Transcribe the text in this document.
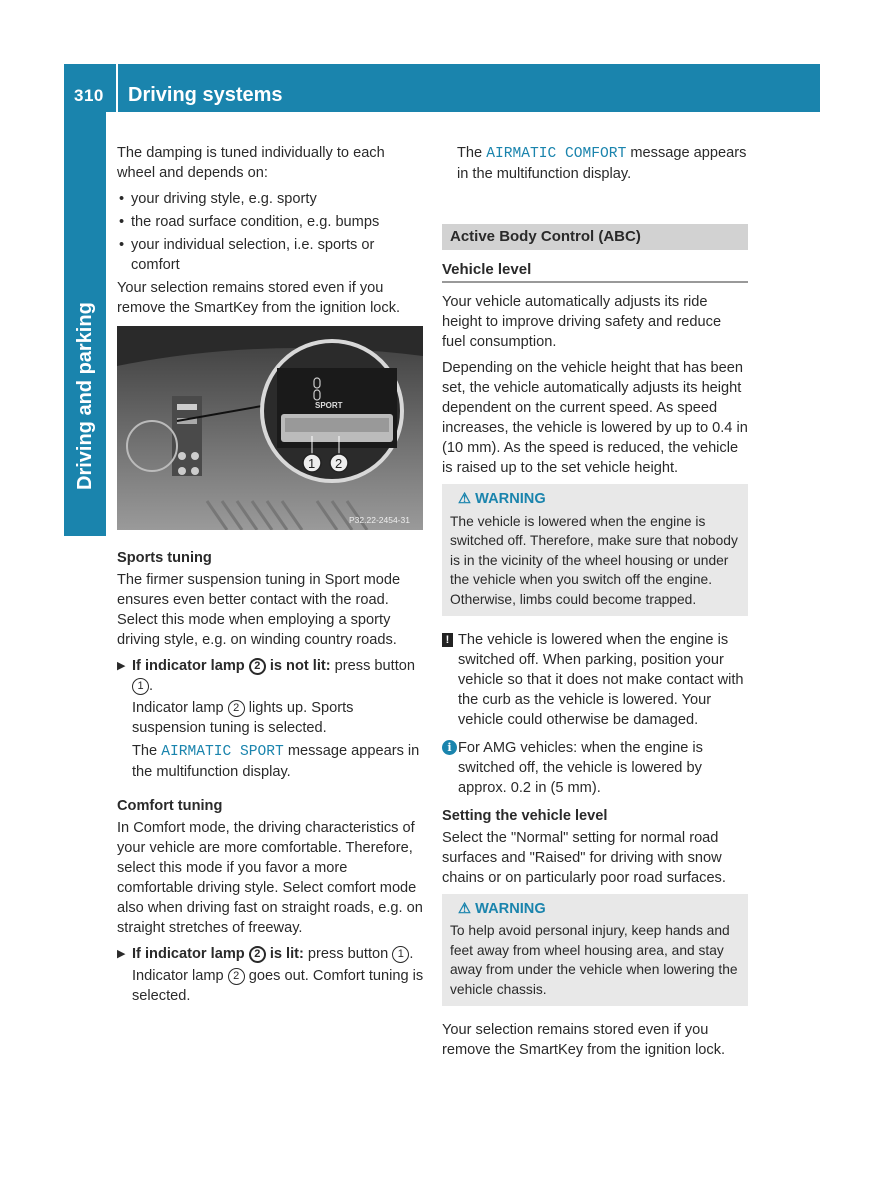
310 Driving systems
Driving and parking

The damping is tuned individually to each wheel and depends on:

• your driving style, e.g. sporty
• the road surface condition, e.g. bumps
• your individual selection, i.e. sports or comfort

Your selection remains stored even if you remove the SmartKey from the ignition lock.

SPORT
1 2
P32.22-2454-31

Sports tuning

The firmer suspension tuning in Sport mode ensures even better contact with the road. Select this mode when employing a sporty driving style, e.g. on winding country roads.

▶ If indicator lamp 2 is not lit: press button 1 .
Indicator lamp 2 lights up. Sports suspension tuning is selected.
The AIRMATIC SPORT message appears in the multifunction display.

Comfort tuning

In Comfort mode, the driving characteristics of your vehicle are more comfortable. Therefore, select this mode if you favor a more comfortable driving style. Select comfort mode also when driving fast on straight roads, e.g. on straight stretches of freeway.

▶ If indicator lamp 2 is lit: press button 1 .
Indicator lamp 2 goes out. Comfort tuning is selected.

The AIRMATIC COMFORT message appears in the multifunction display.

Active Body Control (ABC)

Vehicle level

Your vehicle automatically adjusts its ride height to improve driving safety and reduce fuel consumption.

Depending on the vehicle height that has been set, the vehicle automatically adjusts its height dependent on the current speed. As speed increases, the vehicle is lowered by up to 0.4 in (10 mm). As the speed is reduced, the vehicle is raised up to the set vehicle height.

⚠ WARNING
The vehicle is lowered when the engine is switched off. Therefore, make sure that nobody is in the vicinity of the wheel housing or under the vehicle when you switch off the engine. Otherwise, limbs could become trapped.

! The vehicle is lowered when the engine is switched off. When parking, position your vehicle so that it does not make contact with the curb as the vehicle is lowered. Your vehicle could otherwise be damaged.

i For AMG vehicles: when the engine is switched off, the vehicle is lowered by approx. 0.2 in (5 mm).

Setting the vehicle level

Select the "Normal" setting for normal road surfaces and "Raised" for driving with snow chains or on particularly poor road surfaces.

⚠ WARNING
To help avoid personal injury, keep hands and feet away from wheel housing area, and stay away from under the vehicle when lowering the vehicle chassis.

Your selection remains stored even if you remove the SmartKey from the ignition lock.
